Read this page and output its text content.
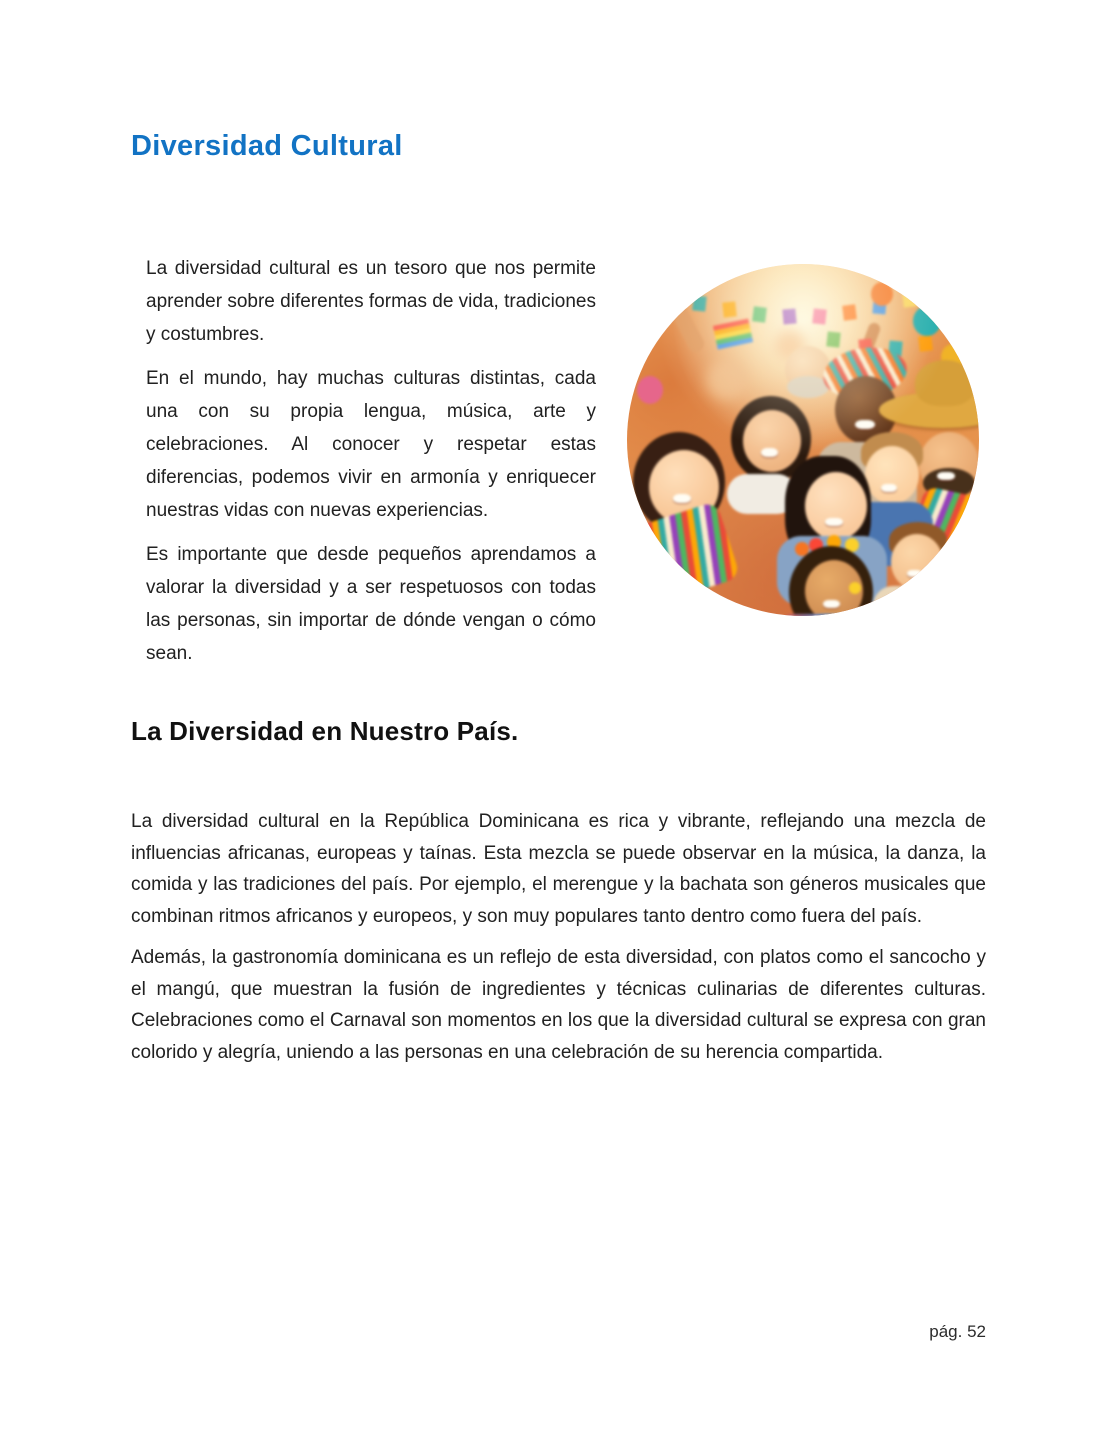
Diversidad Cultural

La diversidad cultural es un tesoro que nos permite aprender sobre diferentes formas de vida, tradiciones y costumbres.

En el mundo, hay muchas culturas distintas, cada una con su propia lengua, música, arte y celebraciones. Al conocer y respetar estas diferencias, podemos vivir en armonía y enriquecer nuestras vidas con nuevas experiencias.

Es importante que desde pequeños aprendamos a valorar la diversidad y a ser respetuosos con todas las personas, sin importar de dónde vengan o cómo sean.

La Diversidad en Nuestro País.

La diversidad cultural en la República Dominicana es rica y vibrante, reflejando una mezcla de influencias africanas, europeas y taínas. Esta mezcla se puede observar en la música, la danza, la comida y las tradiciones del país. Por ejemplo, el merengue y la bachata son géneros musicales que combinan ritmos africanos y europeos, y son muy populares tanto dentro como fuera del país.

Además, la gastronomía dominicana es un reflejo de esta diversidad, con platos como el sancocho y el mangú, que muestran la fusión de ingredientes y técnicas culinarias de diferentes culturas. Celebraciones como el Carnaval son momentos en los que la diversidad cultural se expresa con gran colorido y alegría, uniendo a las personas en una celebración de su herencia compartida.

pág. 52
